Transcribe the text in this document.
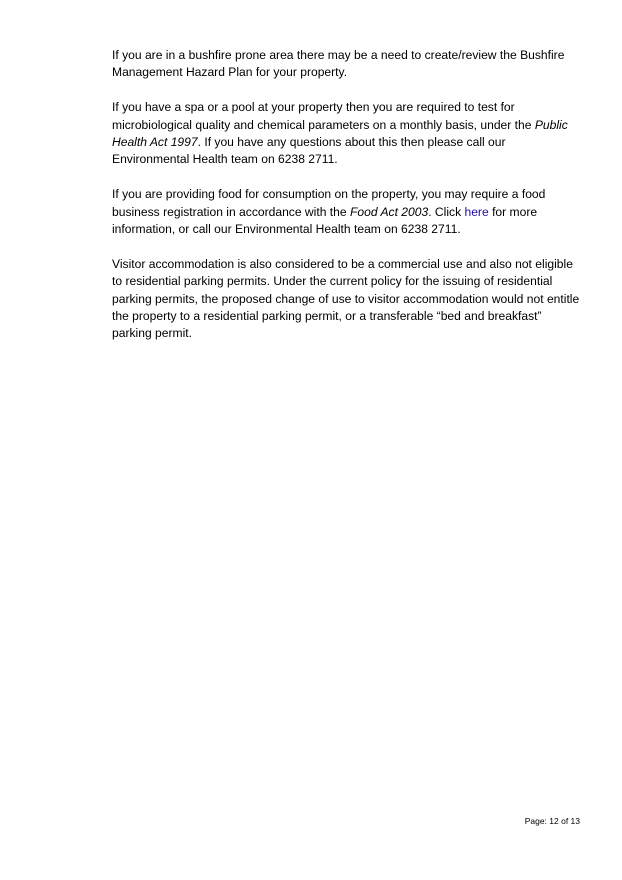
If you are in a bushfire prone area there may be a need to create/review the Bushfire Management Hazard Plan for your property.

If you have a spa or a pool at your property then you are required to test for microbiological quality and chemical parameters on a monthly basis, under the Public Health Act 1997. If you have any questions about this then please call our Environmental Health team on 6238 2711.

If you are providing food for consumption on the property, you may require a food business registration in accordance with the Food Act 2003. Click here for more information, or call our Environmental Health team on 6238 2711.

Visitor accommodation is also considered to be a commercial use and also not eligible to residential parking permits. Under the current policy for the issuing of residential parking permits, the proposed change of use to visitor accommodation would not entitle the property to a residential parking permit, or a transferable “bed and breakfast” parking permit.

Page: 12 of 13
